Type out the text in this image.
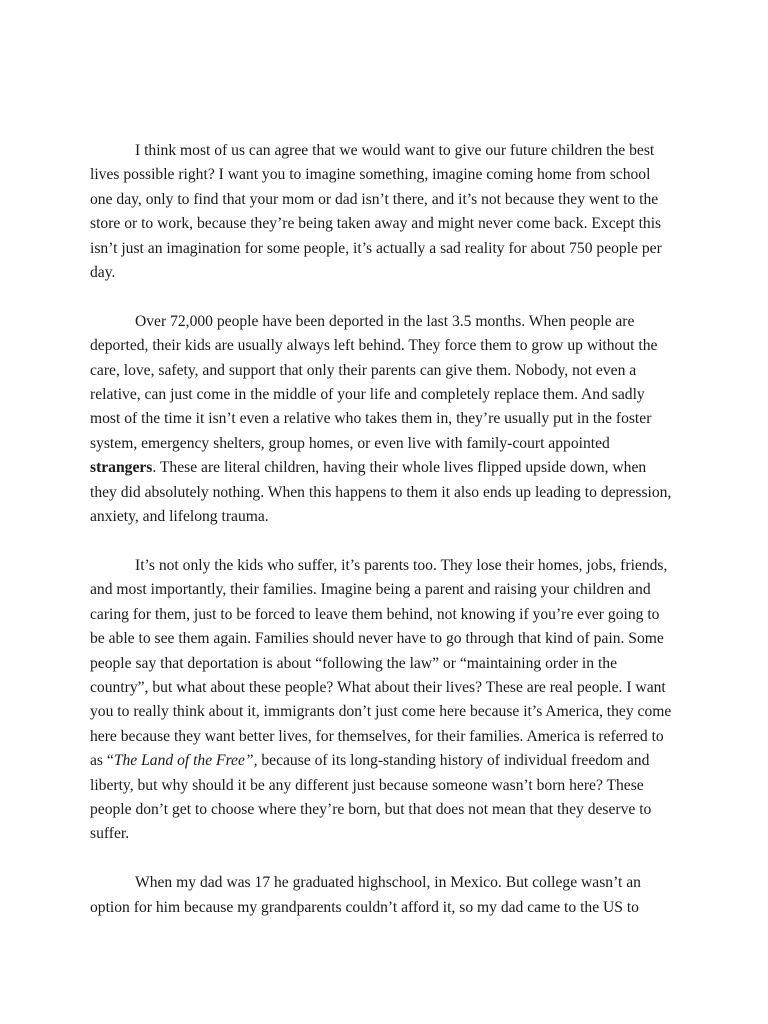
I think most of us can agree that we would want to give our future children the best lives possible right? I want you to imagine something, imagine coming home from school one day, only to find that your mom or dad isn’t there, and it’s not because they went to the store or to work, because they’re being taken away and might never come back. Except this isn’t just an imagination for some people, it’s actually a sad reality for about 750 people per day.

Over 72,000 people have been deported in the last 3.5 months. When people are deported, their kids are usually always left behind. They force them to grow up without the care, love, safety, and support that only their parents can give them. Nobody, not even a relative, can just come in the middle of your life and completely replace them. And sadly most of the time it isn’t even a relative who takes them in, they’re usually put in the foster system, emergency shelters, group homes, or even live with family-court appointed strangers. These are literal children, having their whole lives flipped upside down, when they did absolutely nothing. When this happens to them it also ends up leading to depression, anxiety, and lifelong trauma.

It’s not only the kids who suffer, it’s parents too. They lose their homes, jobs, friends, and most importantly, their families. Imagine being a parent and raising your children and caring for them, just to be forced to leave them behind, not knowing if you’re ever going to be able to see them again. Families should never have to go through that kind of pain. Some people say that deportation is about “following the law” or “maintaining order in the country”, but what about these people? What about their lives? These are real people. I want you to really think about it, immigrants don’t just come here because it’s America, they come here because they want better lives, for themselves, for their families. America is referred to as “The Land of the Free”, because of its long-standing history of individual freedom and liberty, but why should it be any different just because someone wasn’t born here? These people don’t get to choose where they’re born, but that does not mean that they deserve to suffer.

When my dad was 17 he graduated highschool, in Mexico. But college wasn’t an option for him because my grandparents couldn’t afford it, so my dad came to the US to
